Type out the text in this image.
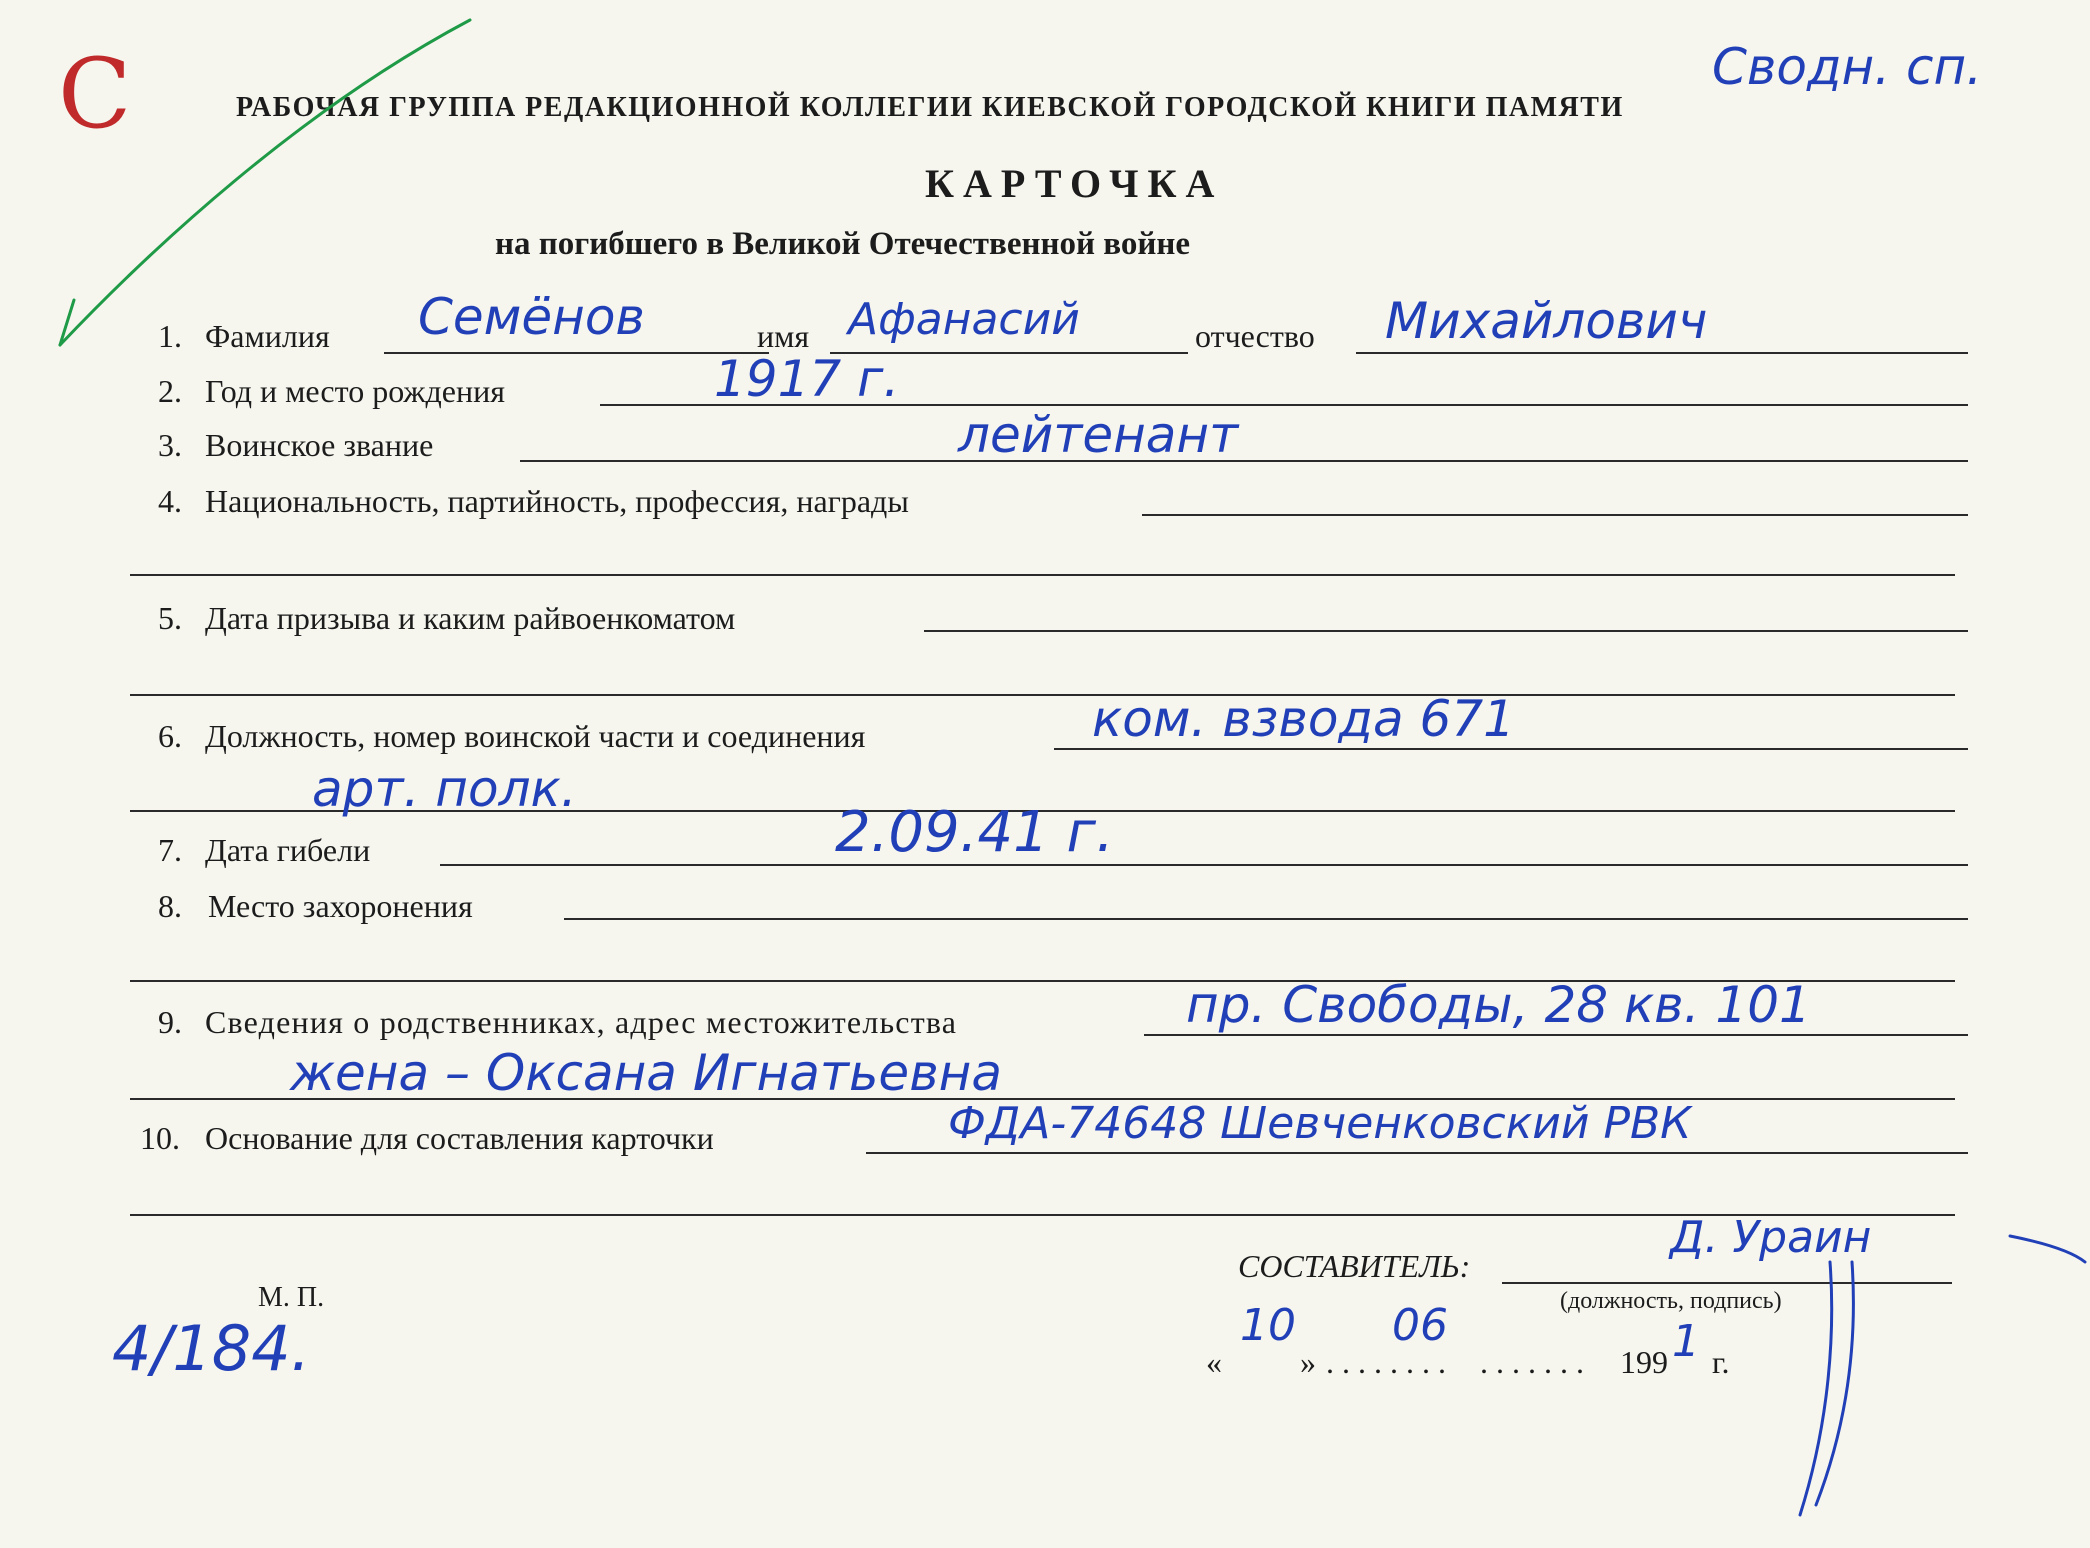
РАБОЧАЯ ГРУППА РЕДАКЦИОННОЙ КОЛЛЕГИИ КИЕВСКОЙ ГОРОДСКОЙ КНИГИ ПАМЯТИ
КАРТОЧКА
на погибшего в Великой Отечественной войне
С	Сводн. сп.
4/184.
1. Фамилия Семёнов	имя Афанасий	отчество Михайлович
2. Год и место рождения	1917 г.
3. Воинское звание	лейтенант
4. Национальность, партийность, профессия, награды
5. Дата призыва и каким райвоенкоматом
6. Должность, номер воинской части и соединения	ком. взвода 671
арт. полк.
7. Дата гибели	2.09.41 г.
8. Место захоронения
9. Сведения о родственниках, адрес местожительства	пр. Свободы, 28 кв. 101
жена – Оксана Игнатьевна
10. Основание для составления карточки	ФДА-74648 Шевченковский РВК
М. П.
СОСТАВИТЕЛЬ:
Д. Ураин
(должность, подпись)
«
10
» . . . . . . . .
06
. . . . . . . 199 1 г.
